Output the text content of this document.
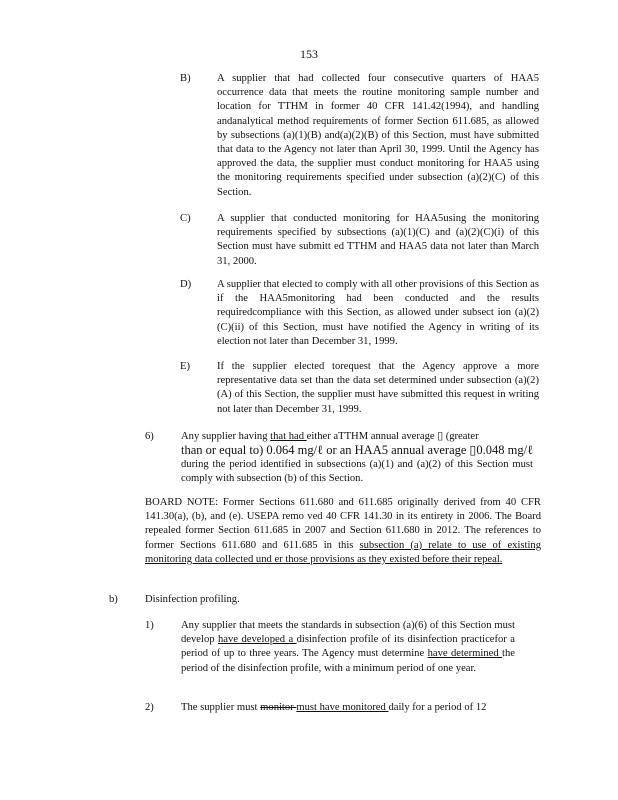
153
B) A supplier that had collected four consecutive quarters of HAA5 occurrence data that meets the routine monitoring sample number and location for TTHM in former 40 CFR 141.42(1994), and handling andanalytical method requirements of former Section 611.685, as allowed by subsections (a)(1)(B) and(a)(2)(B) of this Section, must have submitted that data to the Agency not later than April 30, 1999. Until the Agency has approved the data, the supplier must conduct monitoring for HAA5 using the monitoring requirements specified under subsection (a)(2)(C) of this Section.

C) A supplier that conducted monitoring for HAA5using the monitoring requirements specified by subsections (a)(1)(C) and (a)(2)(C)(i) of this Section must have submitt ed TTHM and HAA5 data not later than March 31, 2000.

D) A supplier that elected to comply with all other provisions of this Section as if the HAA5monitoring had been conducted and the results requiredcompliance with this Section, as allowed under subsect ion (a)(2)(C)(ii) of this Section, must have notified the Agency in writing of its election not later than December 31, 1999.

E)	If the supplier elected torequest that the Agency approve a more representative data set than the data set determined under subsection (a)(2)(A) of this Section, the supplier must have submitted this request in writing not later than December 31, 1999.

6)	Any supplier having that had either aTTHM annual average ▯ (greater
than or equal to) 0.064 mg/ℓ or an HAA5 annual average ▯0.048 mg/ℓ

during the period identified in subsections (a)(1) and (a)(2) of this Section must comply with subsection (b) of this Section.

BOARD NOTE: Former Sections 611.680 and 611.685 originally derived from 40 CFR 141.30(a), (b), and (e). USEPA remo ved 40 CFR 141.30 in its entirety in 2006. The Board repealed former Section 611.685 in 2007 and Section 611.680 in 2012. The references to former Sections 611.680 and 611.685 in this subsection (a) relate to use of existing monitoring data collected und er those provisions as they existed before their repeal.

b)	Disinfection profiling.
1)	Any supplier that meets the standards in subsection (a)(6) of this Section must develop have developed a disinfection profile of its disinfection practicefor a period of up to three years. The Agency must determine have determined the period of the disinfection profile, with a minimum period of one year.

2)	The supplier must monitor must have monitored daily for a period of 12
